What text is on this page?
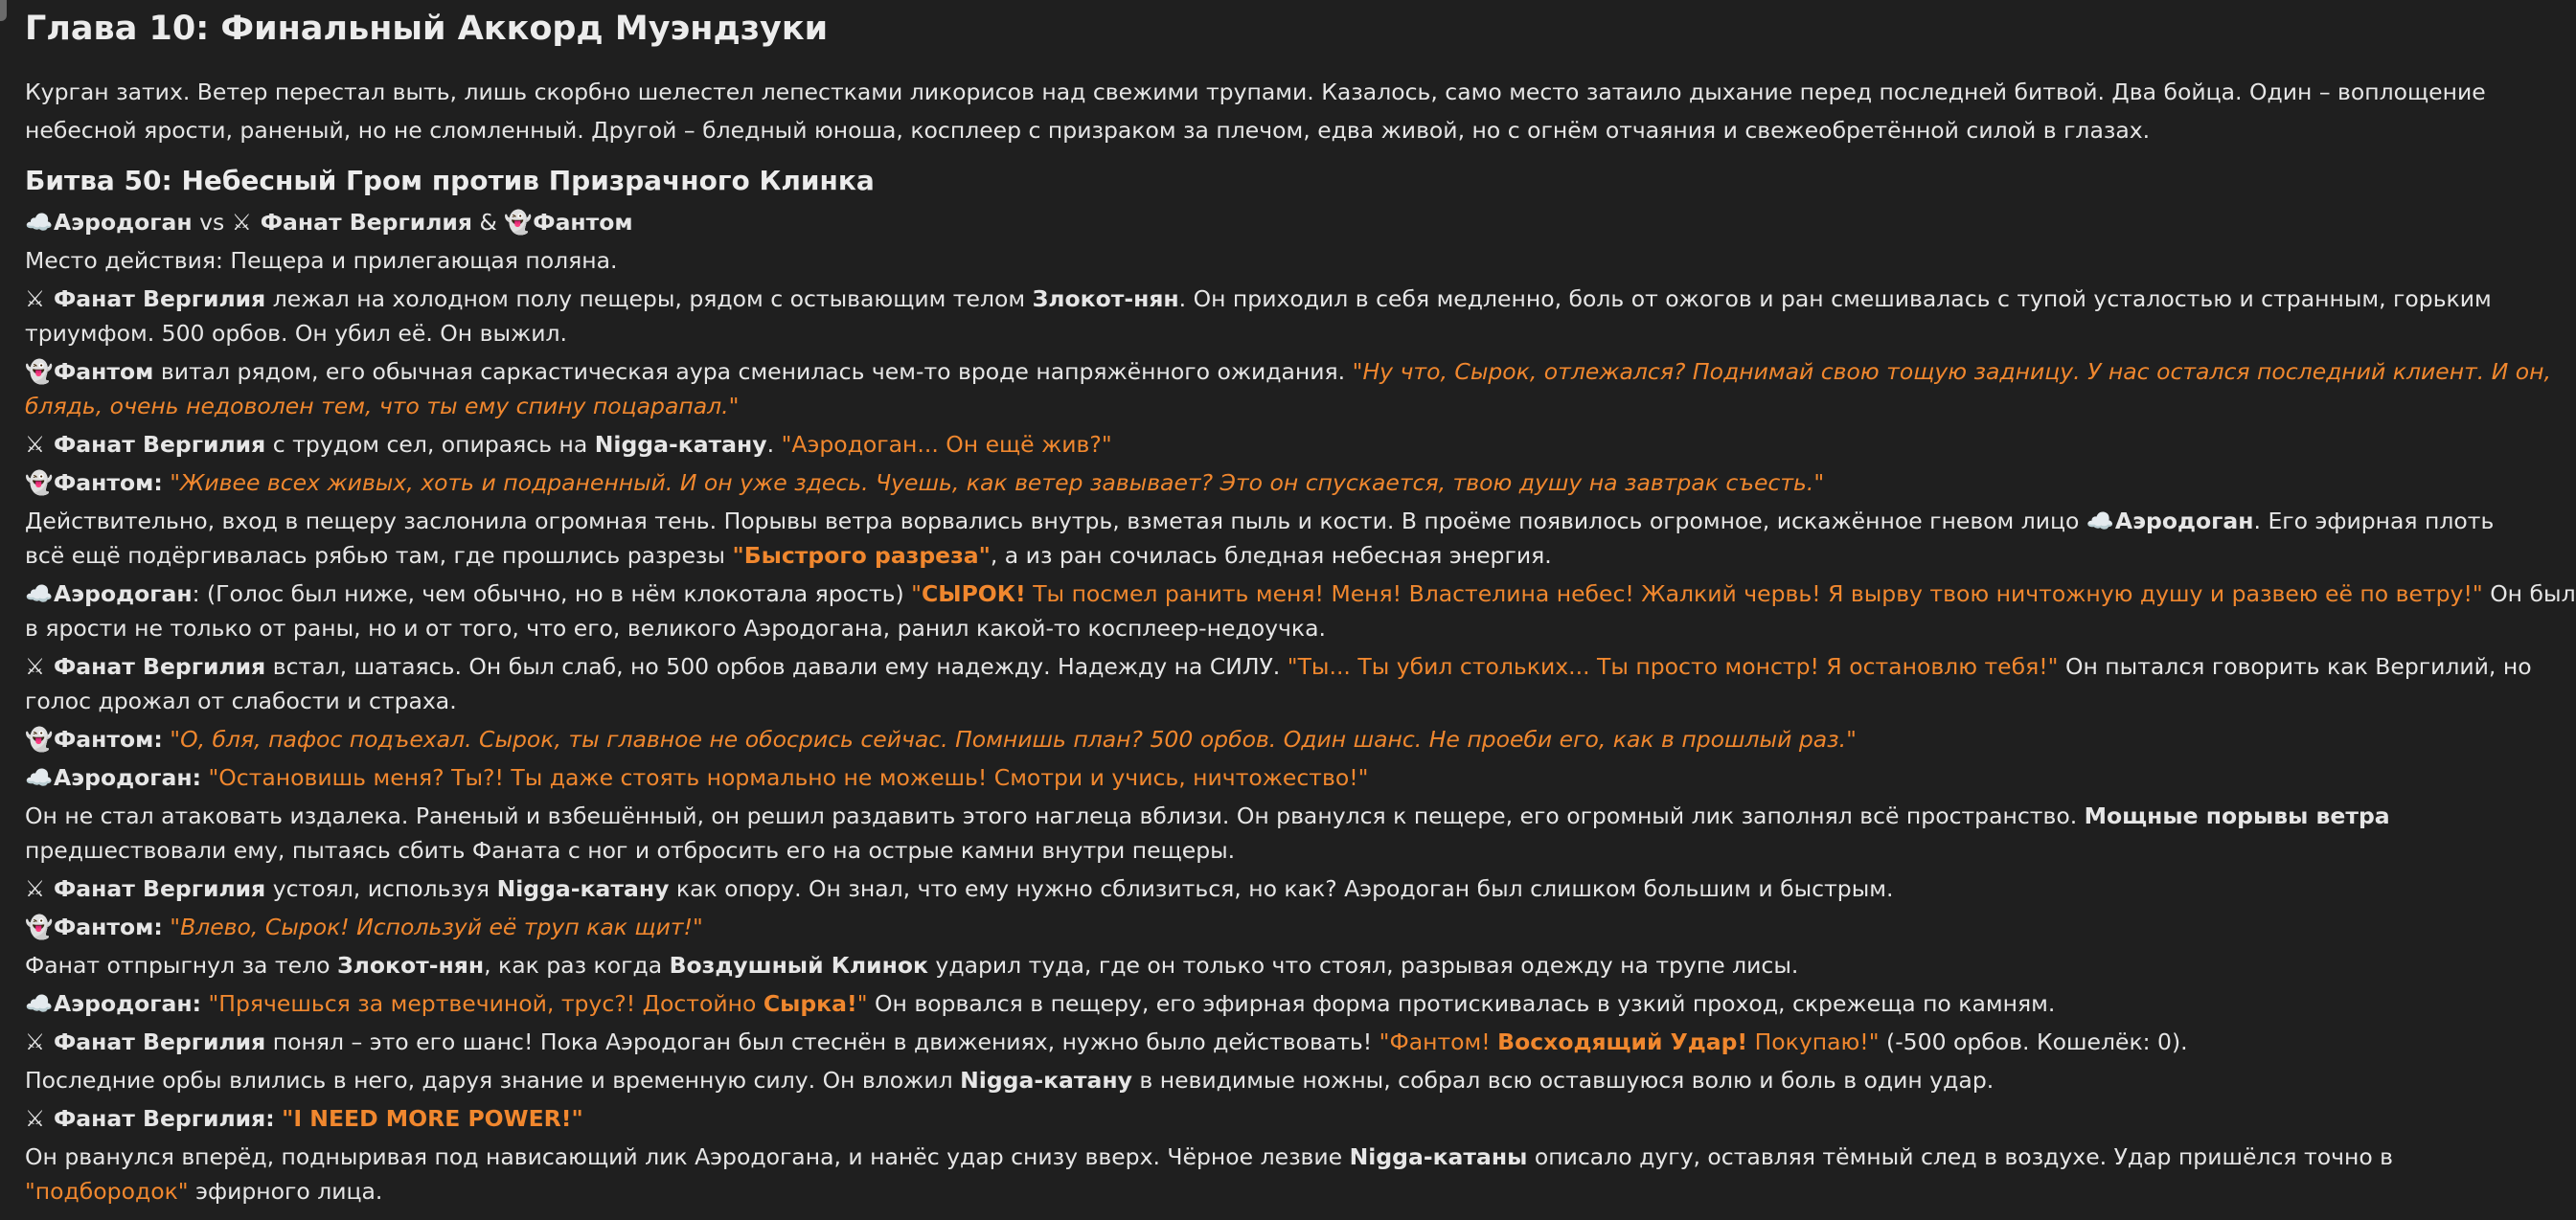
Глава 10: Финальный Аккорд Муэндзуки

Курган затих. Ветер перестал выть, лишь скорбно шелестел лепестками ликорисов над свежими трупами. Казалось, само место затаило дыхание перед последней битвой. Два бойца. Один – воплощение

небесной ярости, раненый, но не сломленный. Другой – бледный юноша, косплеер с призраком за плечом, едва живой, но с огнём отчаяния и свежеобретённой силой в глазах.

Битва 50: Небесный Гром против Призрачного Клинка

☁️Аэродоган vs ⚔ Фанат Вергилия & 👻Фантом

Место действия: Пещера и прилегающая поляна.

⚔ Фанат Вергилия лежал на холодном полу пещеры, рядом с остывающим телом Злокот-нян. Он приходил в себя медленно, боль от ожогов и ран смешивалась с тупой усталостью и странным, горьким
триумфом. 500 орбов. Он убил её. Он выжил.

👻Фантом витал рядом, его обычная саркастическая аура сменилась чем-то вроде напряжённого ожидания. "Ну что, Сырок, отлежался? Поднимай свою тощую задницу. У нас остался последний клиент. И он,
блядь, очень недоволен тем, что ты ему спину поцарапал."

⚔ Фанат Вергилия с трудом сел, опираясь на Nigga-катану. "Аэродоган... Он ещё жив?"

👻Фантом: "Живее всех живых, хоть и подраненный. И он уже здесь. Чуешь, как ветер завывает? Это он спускается, твою душу на завтрак съесть."

Действительно, вход в пещеру заслонила огромная тень. Порывы ветра ворвались внутрь, взметая пыль и кости. В проёме появилось огромное, искажённое гневом лицо ☁️Аэродоган. Его эфирная плоть
всё ещё подёргивалась рябью там, где прошлись разрезы "Быстрого разреза", а из ран сочилась бледная небесная энергия.

☁️Аэродоган: (Голос был ниже, чем обычно, но в нём клокотала ярость) "СЫРОК! Ты посмел ранить меня! Меня! Властелина небес! Жалкий червь! Я вырву твою ничтожную душу и развею её по ветру!" Он был
в ярости не только от раны, но и от того, что его, великого Аэродогана, ранил какой-то косплеер-недоучка.

⚔ Фанат Вергилия встал, шатаясь. Он был слаб, но 500 орбов давали ему надежду. Надежду на СИЛУ. "Ты... Ты убил стольких... Ты просто монстр! Я остановлю тебя!" Он пытался говорить как Вергилий, но
голос дрожал от слабости и страха.

👻Фантом: "О, бля, пафос подъехал. Сырок, ты главное не обосрись сейчас. Помнишь план? 500 орбов. Один шанс. Не проеби его, как в прошлый раз."

☁️Аэродоган: "Остановишь меня? Ты?! Ты даже стоять нормально не можешь! Смотри и учись, ничтожество!"

Он не стал атаковать издалека. Раненый и взбешённый, он решил раздавить этого наглеца вблизи. Он рванулся к пещере, его огромный лик заполнял всё пространство. Мощные порывы ветра
предшествовали ему, пытаясь сбить Фаната с ног и отбросить его на острые камни внутри пещеры.

⚔ Фанат Вергилия устоял, используя Nigga-катану как опору. Он знал, что ему нужно сблизиться, но как? Аэродоган был слишком большим и быстрым.

👻Фантом: "Влево, Сырок! Используй её труп как щит!"

Фанат отпрыгнул за тело Злокот-нян, как раз когда Воздушный Клинок ударил туда, где он только что стоял, разрывая одежду на трупе лисы.

☁️Аэродоган: "Прячешься за мертвечиной, трус?! Достойно Сырка!" Он ворвался в пещеру, его эфирная форма протискивалась в узкий проход, скрежеща по камням.

⚔ Фанат Вергилия понял – это его шанс! Пока Аэродоган был стеснён в движениях, нужно было действовать! "Фантом! Восходящий Удар! Покупаю!" (-500 орбов. Кошелёк: 0).

Последние орбы влились в него, даруя знание и временную силу. Он вложил Nigga-катану в невидимые ножны, собрал всю оставшуюся волю и боль в один удар.

⚔ Фанат Вергилия: "I NEED MORE POWER!"

Он рванулся вперёд, подныривая под нависающий лик Аэродогана, и нанёс удар снизу вверх. Чёрное лезвие Nigga-катаны описало дугу, оставляя тёмный след в воздухе. Удар пришёлся точно в
"подбородок" эфирного лица.
